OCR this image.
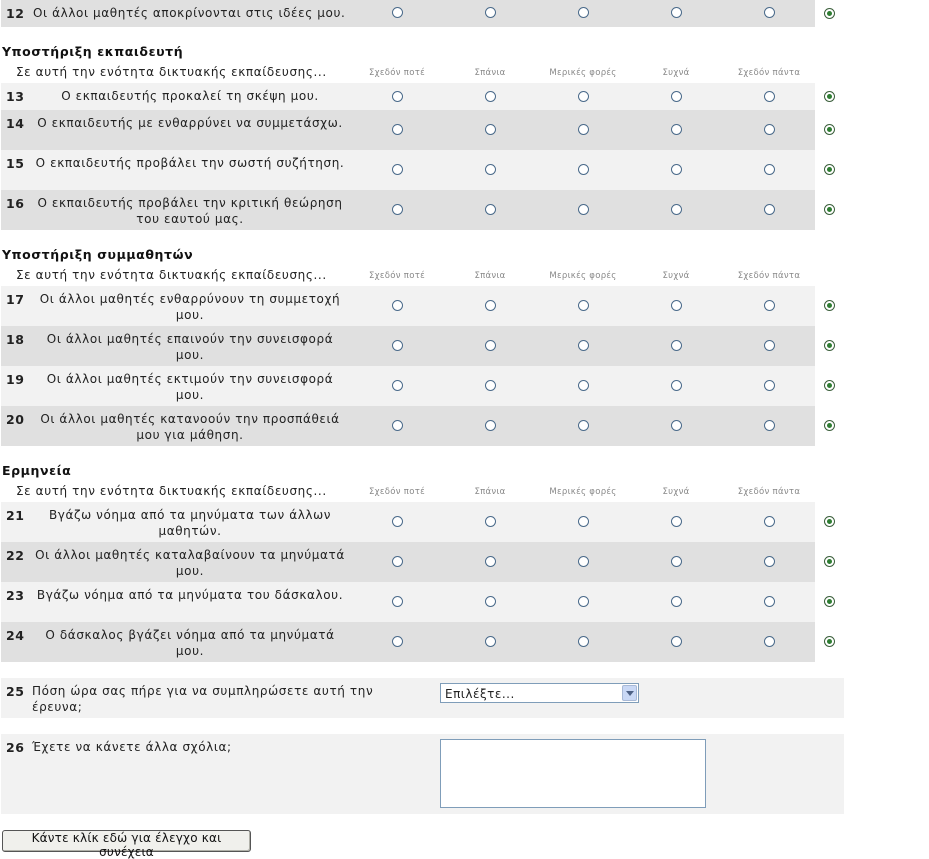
12 Οι άλλοι μαθητές αποκρίνονται στις ιδέες μου.
Υποστήριξη εκπαιδευτή
Σε αυτή την ενότητα δικτυακής εκπαίδευσης...	Σχεδόν ποτέ	Σπάνια	Μερικές φορές	Συχνά	Σχεδόν πάντα
13	Ο εκπαιδευτής προκαλεί τη σκέψη μου.
14	Ο εκπαιδευτής με ενθαρρύνει να συμμετάσχω.
15 Ο εκπαιδευτής προβάλει την σωστή συζήτηση.
16	Ο εκπαιδευτής προβάλει την κριτική θεώρηση του εαυτού μας.
Υποστήριξη συμμαθητών
Σε αυτή την ενότητα δικτυακής εκπαίδευσης...	Σχεδόν ποτέ	Σπάνια	Μερικές φορές	Συχνά	Σχεδόν πάντα
17	Οι άλλοι μαθητές ενθαρρύνουν τη συμμετοχή μου.
18	Οι άλλοι μαθητές επαινούν την συνεισφορά μου.
19	Οι άλλοι μαθητές εκτιμούν την συνεισφορά μου.
20	Οι άλλοι μαθητές κατανοούν την προσπάθειά μου για μάθηση.
Ερμηνεία
Σε αυτή την ενότητα δικτυακής εκπαίδευσης...	Σχεδόν ποτέ	Σπάνια	Μερικές φορές	Συχνά	Σχεδόν πάντα
21	Βγάζω νόημα από τα μηνύματα των άλλων μαθητών.
22 Οι άλλοι μαθητές καταλαβαίνουν τα μηνύματά μου.
23	Βγάζω νόημα από τα μηνύματα του δάσκαλου.
24	Ο δάσκαλος βγάζει νόημα από τα μηνύματά μου.
25 Πόση ώρα σας πήρε για να συμπληρώσετε αυτή την έρευνα;
Επιλέξτε...
26 Έχετε να κάνετε άλλα σχόλια;
Κάντε κλίκ εδώ για έλεγχο και συνέχεια
